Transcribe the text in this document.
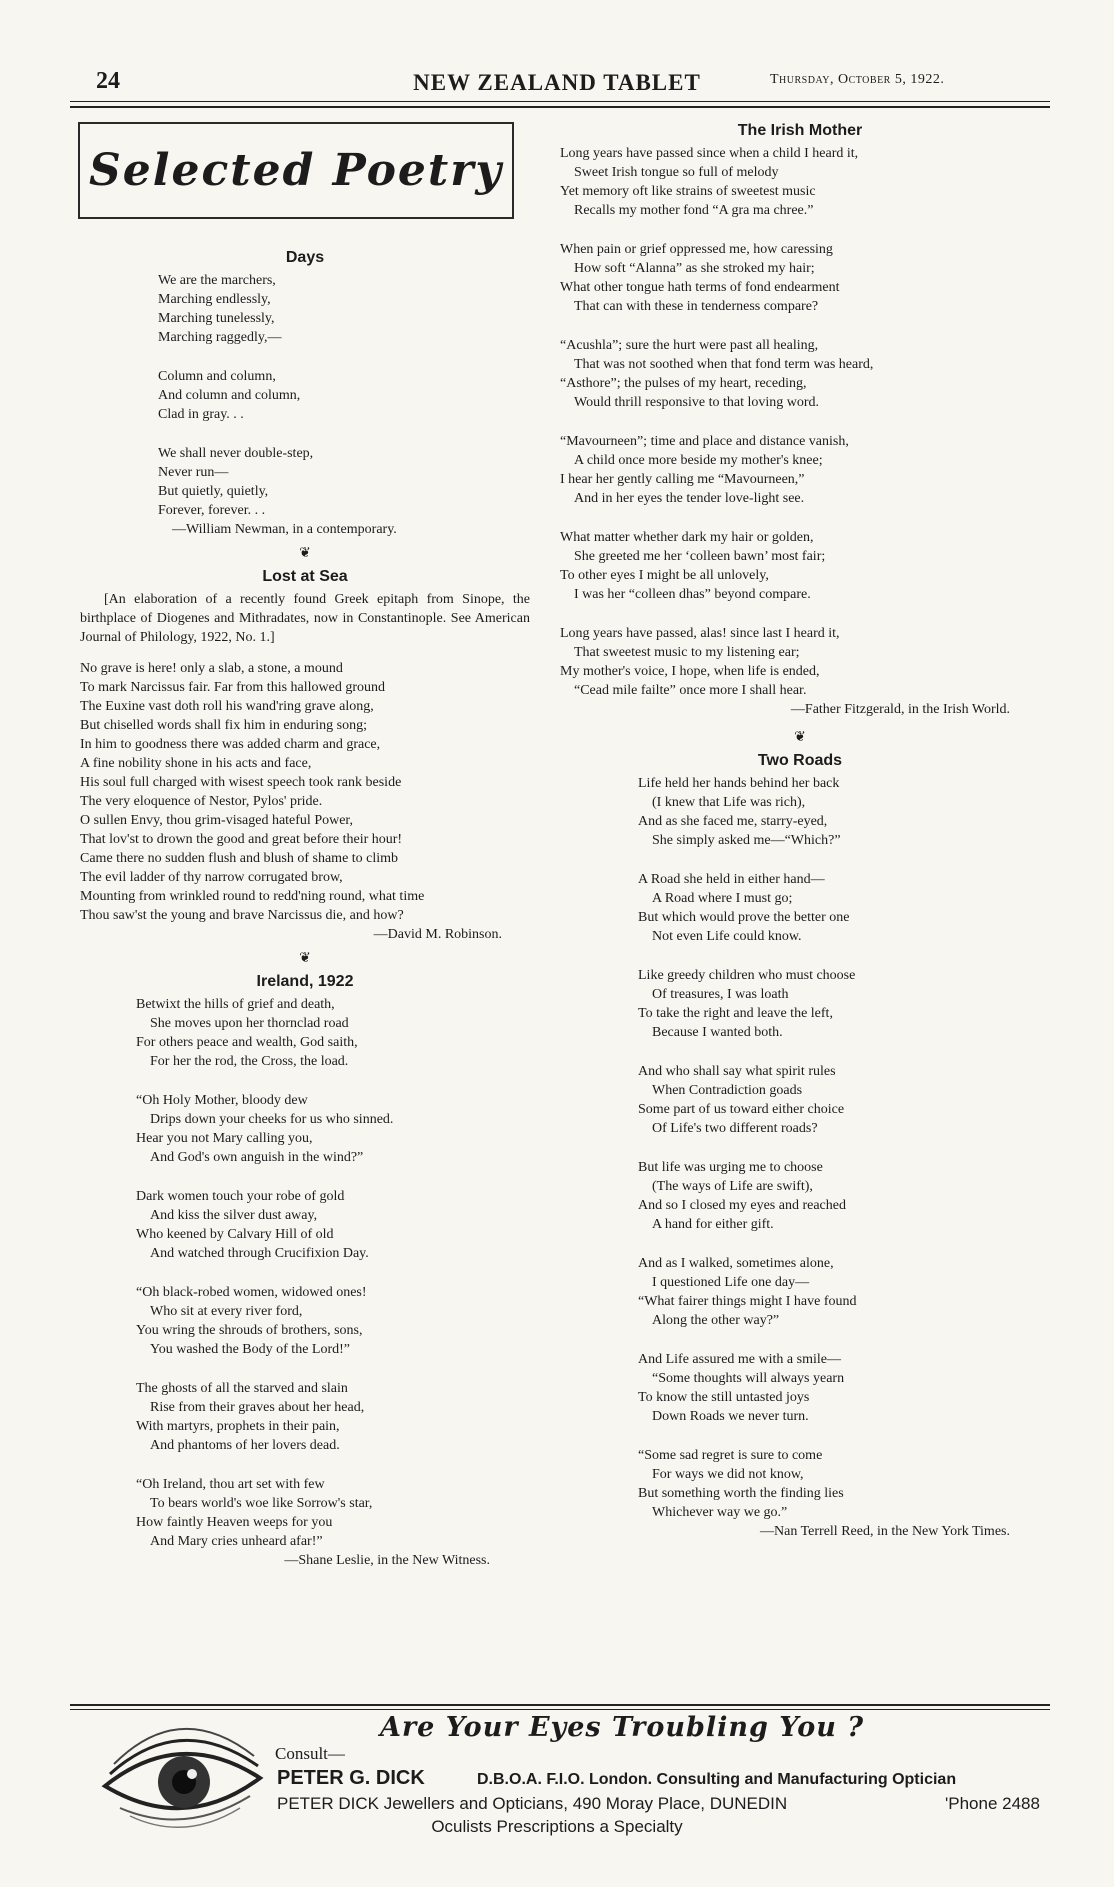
24	NEW ZEALAND TABLET	Thursday, October 5, 1922.
Selected Poetry
Days
We are the marchers,
Marching endlessly,
Marching tunelessly,
Marching raggedly,—
Column and column,
And column and column,
Clad in gray. . .
We shall never double-step,
Never run—
But quietly, quietly,
Forever, forever. . .
—William Newman, in a contemporary.
❦
Lost at Sea
[An elaboration of a recently found Greek epitaph from Sinope, the birthplace of Diogenes and Mithradates, now in Constantinople. See American Journal of Philology, 1922, No. 1.]
No grave is here! only a slab, a stone, a mound
To mark Narcissus fair. Far from this hallowed ground
The Euxine vast doth roll his wand'ring grave along,
But chiselled words shall fix him in enduring song;
In him to goodness there was added charm and grace,
A fine nobility shone in his acts and face,
His soul full charged with wisest speech took rank beside
The very eloquence of Nestor, Pylos' pride.
O sullen Envy, thou grim-visaged hateful Power,
That lov'st to drown the good and great before their hour!
Came there no sudden flush and blush of shame to climb
The evil ladder of thy narrow corrugated brow,
Mounting from wrinkled round to redd'ning round, what time
Thou saw'st the young and brave Narcissus die, and how?
—David M. Robinson.
❦
Ireland, 1922
Betwixt the hills of grief and death,
She moves upon her thornclad road
For others peace and wealth, God saith,
For her the rod, the Cross, the load.
“Oh Holy Mother, bloody dew
Drips down your cheeks for us who sinned.
Hear you not Mary calling you,
And God's own anguish in the wind?”
Dark women touch your robe of gold
And kiss the silver dust away,
Who keened by Calvary Hill of old
And watched through Crucifixion Day.
“Oh black-robed women, widowed ones!
Who sit at every river ford,
You wring the shrouds of brothers, sons,
You washed the Body of the Lord!”
The ghosts of all the starved and slain
Rise from their graves about her head,
With martyrs, prophets in their pain,
And phantoms of her lovers dead.
“Oh Ireland, thou art set with few
To bears world's woe like Sorrow's star,
How faintly Heaven weeps for you
And Mary cries unheard afar!”
—Shane Leslie, in the New Witness.
The Irish Mother
Long years have passed since when a child I heard it,
Sweet Irish tongue so full of melody
Yet memory oft like strains of sweetest music
Recalls my mother fond “A gra ma chree.”
When pain or grief oppressed me, how caressing
How soft “Alanna” as she stroked my hair;
What other tongue hath terms of fond endearment
That can with these in tenderness compare?
“Acushla”; sure the hurt were past all healing,
That was not soothed when that fond term was heard,
“Asthore”; the pulses of my heart, receding,
Would thrill responsive to that loving word.
“Mavourneen”; time and place and distance vanish,
A child once more beside my mother's knee;
I hear her gently calling me “Mavourneen,”
And in her eyes the tender love-light see.
What matter whether dark my hair or golden,
She greeted me her ‘colleen bawn’ most fair;
To other eyes I might be all unlovely,
I was her “colleen dhas” beyond compare.
Long years have passed, alas! since last I heard it,
That sweetest music to my listening ear;
My mother's voice, I hope, when life is ended,
“Cead mile failte” once more I shall hear.
—Father Fitzgerald, in the Irish World.
❦
Two Roads
Life held her hands behind her back
(I knew that Life was rich),
And as she faced me, starry-eyed,
She simply asked me—“Which?”
A Road she held in either hand—
A Road where I must go;
But which would prove the better one
Not even Life could know.
Like greedy children who must choose
Of treasures, I was loath
To take the right and leave the left,
Because I wanted both.
And who shall say what spirit rules
When Contradiction goads
Some part of us toward either choice
Of Life's two different roads?
But life was urging me to choose
(The ways of Life are swift),
And so I closed my eyes and reached
A hand for either gift.
And as I walked, sometimes alone,
I questioned Life one day—
“What fairer things might I have found
Along the other way?”
And Life assured me with a smile—
“Some thoughts will always yearn
To know the still untasted joys
Down Roads we never turn.
“Some sad regret is sure to come
For ways we did not know,
But something worth the finding lies
Whichever way we go.”
—Nan Terrell Reed, in the New York Times.
Are Your Eyes Troubling You ?
Consult—
PETER G. DICK	D.B.O.A. F.I.O. London. Consulting and Manufacturing Optician
PETER DICK Jewellers and Opticians, 490 Moray Place, DUNEDIN	'Phone 2488
Oculists Prescriptions a Specialty
